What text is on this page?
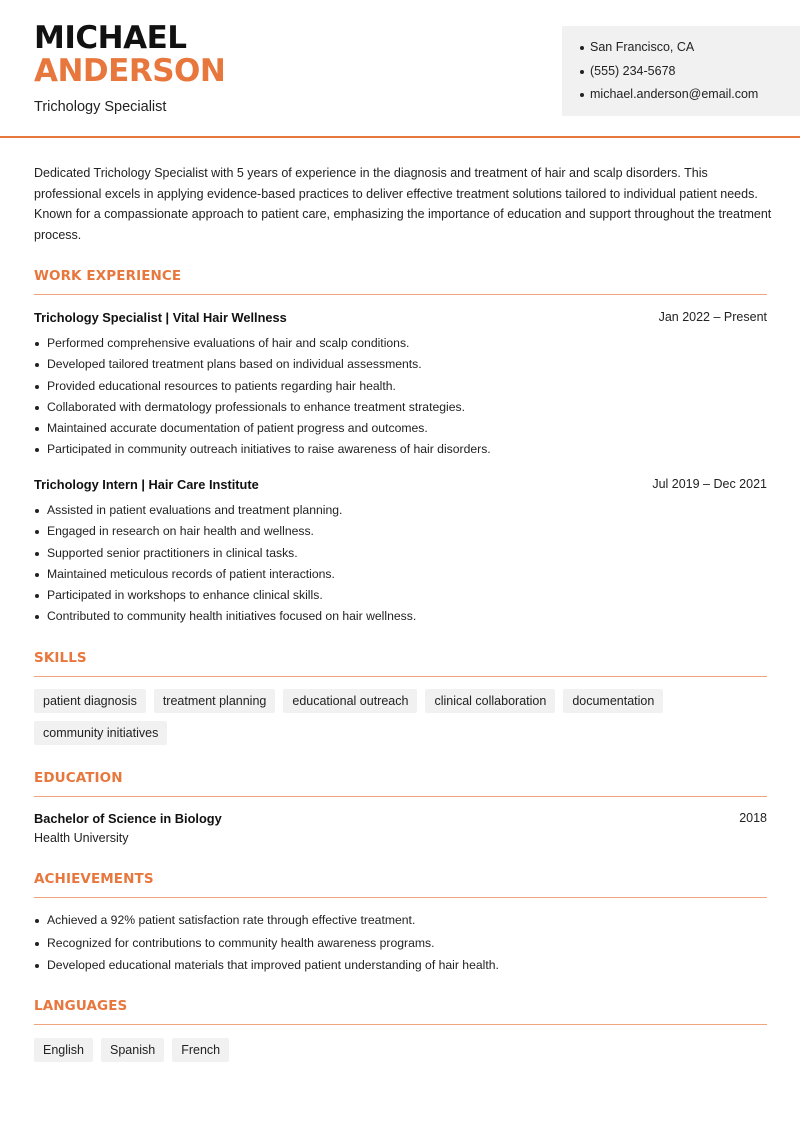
MICHAEL
ANDERSON
Trichology Specialist
San Francisco, CA
(555) 234-5678
michael.anderson@email.com

Dedicated Trichology Specialist with 5 years of experience in the diagnosis and treatment of hair and scalp disorders. This professional excels in applying evidence-based practices to deliver effective treatment solutions tailored to individual patient needs. Known for a compassionate approach to patient care, emphasizing the importance of education and support throughout the treatment process.

WORK EXPERIENCE
Trichology Specialist | Vital Hair Wellness	Jan 2022 – Present
Performed comprehensive evaluations of hair and scalp conditions.
Developed tailored treatment plans based on individual assessments.
Provided educational resources to patients regarding hair health.
Collaborated with dermatology professionals to enhance treatment strategies.
Maintained accurate documentation of patient progress and outcomes.
Participated in community outreach initiatives to raise awareness of hair disorders.
Trichology Intern | Hair Care Institute	Jul 2019 – Dec 2021
Assisted in patient evaluations and treatment planning.
Engaged in research on hair health and wellness.
Supported senior practitioners in clinical tasks.
Maintained meticulous records of patient interactions.
Participated in workshops to enhance clinical skills.
Contributed to community health initiatives focused on hair wellness.
SKILLS
patient diagnosis	treatment planning	educational outreach	clinical collaboration	documentation
community initiatives
EDUCATION
Bachelor of Science in Biology	2018
Health University
ACHIEVEMENTS
Achieved a 92% patient satisfaction rate through effective treatment.
Recognized for contributions to community health awareness programs.
Developed educational materials that improved patient understanding of hair health.
LANGUAGES
English	Spanish	French
